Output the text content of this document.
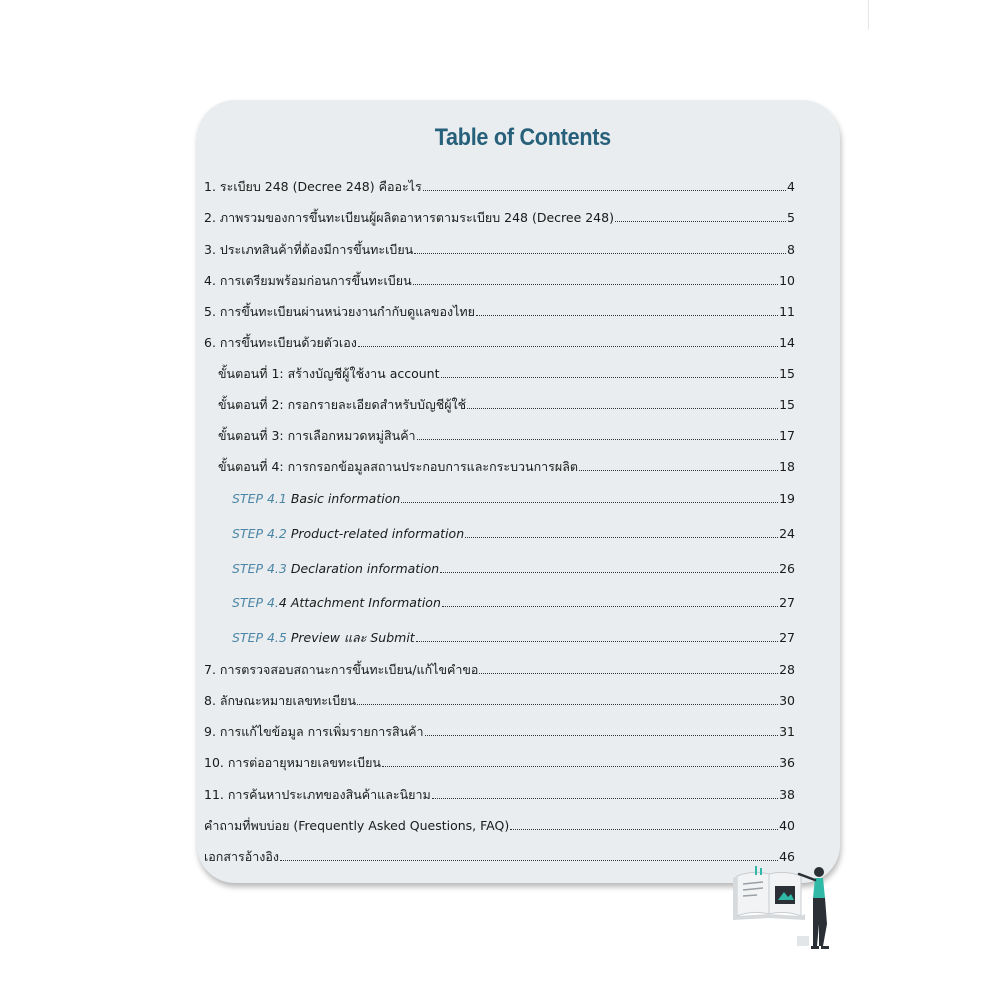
Table of Contents
1. ระเบียบ 248 (Decree 248) คืออะไร	4
2. ภาพรวมของการขึ้นทะเบียนผู้ผลิตอาหารตามระเบียบ 248 (Decree 248)	5
3. ประเภทสินค้าที่ต้องมีการขึ้นทะเบียน	8
4. การเตรียมพร้อมก่อนการขึ้นทะเบียน	10
5. การขึ้นทะเบียนผ่านหน่วยงานกำกับดูแลของไทย	11
6. การขึ้นทะเบียนด้วยตัวเอง	14
ขั้นตอนที่ 1: สร้างบัญชีผู้ใช้งาน account	15
ขั้นตอนที่ 2: กรอกรายละเอียดสำหรับบัญชีผู้ใช้	15
ขั้นตอนที่ 3: การเลือกหมวดหมู่สินค้า	17
ขั้นตอนที่ 4: การกรอกข้อมูลสถานประกอบการและกระบวนการผลิต	18
STEP 4.1 Basic information	19
STEP 4.2 Product-related information	24
STEP 4.3 Declaration information	26
STEP 4.4 Attachment Information	27
STEP 4.5 Preview และ Submit	27
7. การตรวจสอบสถานะการขึ้นทะเบียน/แก้ไขคำขอ	28
8. ลักษณะหมายเลขทะเบียน	30
9. การแก้ไขข้อมูล การเพิ่มรายการสินค้า	31
10. การต่ออายุหมายเลขทะเบียน	36
11. การค้นหาประเภทของสินค้าและนิยาม	38
คำถามที่พบบ่อย (Frequently Asked Questions, FAQ)	40
เอกสารอ้างอิง	46
